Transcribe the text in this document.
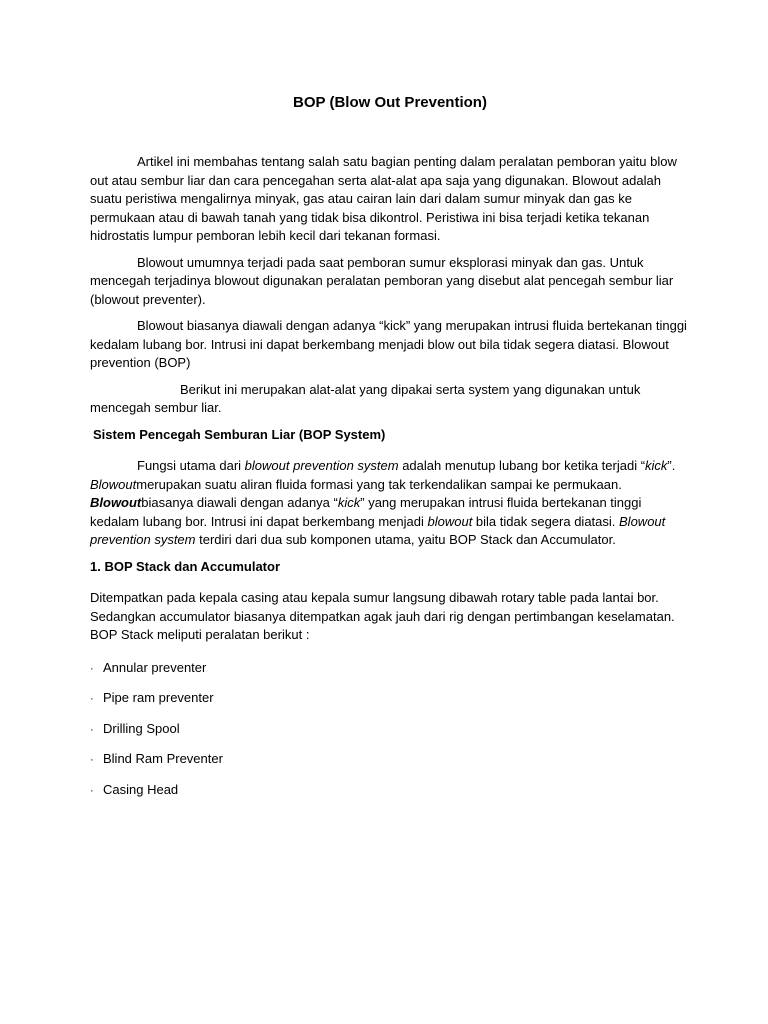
BOP (Blow Out Prevention)

Artikel ini membahas tentang salah satu bagian penting dalam peralatan pemboran yaitu blow out atau sembur liar dan cara pencegahan serta alat-alat apa saja yang digunakan. Blowout adalah suatu peristiwa mengalirnya minyak, gas atau cairan lain dari dalam sumur minyak dan gas ke permukaan atau di bawah tanah yang tidak bisa dikontrol. Peristiwa ini bisa terjadi ketika tekanan hidrostatis lumpur pemboran lebih kecil dari tekanan formasi.

Blowout umumnya terjadi pada saat pemboran sumur eksplorasi minyak dan gas. Untuk mencegah terjadinya blowout digunakan peralatan pemboran yang disebut alat pencegah sembur liar (blowout preventer).

Blowout biasanya diawali dengan adanya “kick” yang merupakan intrusi fluida bertekanan tinggi kedalam lubang bor. Intrusi ini dapat berkembang menjadi blow out bila tidak segera diatasi. Blowout prevention (BOP)

Berikut ini merupakan alat-alat yang dipakai serta system yang digunakan untuk mencegah sembur liar.

Sistem Pencegah Semburan Liar (BOP System)

Fungsi utama dari blowout prevention system adalah menutup lubang bor ketika terjadi “kick”. Blowoutmerupakan suatu aliran fluida formasi yang tak terkendalikan sampai ke permukaan. Blowoutbiasanya diawali dengan adanya “kick” yang merupakan intrusi fluida bertekanan tinggi kedalam lubang bor. Intrusi ini dapat berkembang menjadi blowout bila tidak segera diatasi. Blowout prevention system terdiri dari dua sub komponen utama, yaitu BOP Stack dan Accumulator.

1. BOP Stack dan Accumulator

Ditempatkan pada kepala casing atau kepala sumur langsung dibawah rotary table pada lantai bor. Sedangkan accumulator biasanya ditempatkan agak jauh dari rig dengan pertimbangan keselamatan. BOP Stack meliputi peralatan berikut :

· Annular preventer
· Pipe ram preventer
· Drilling Spool
· Blind Ram Preventer
· Casing Head
